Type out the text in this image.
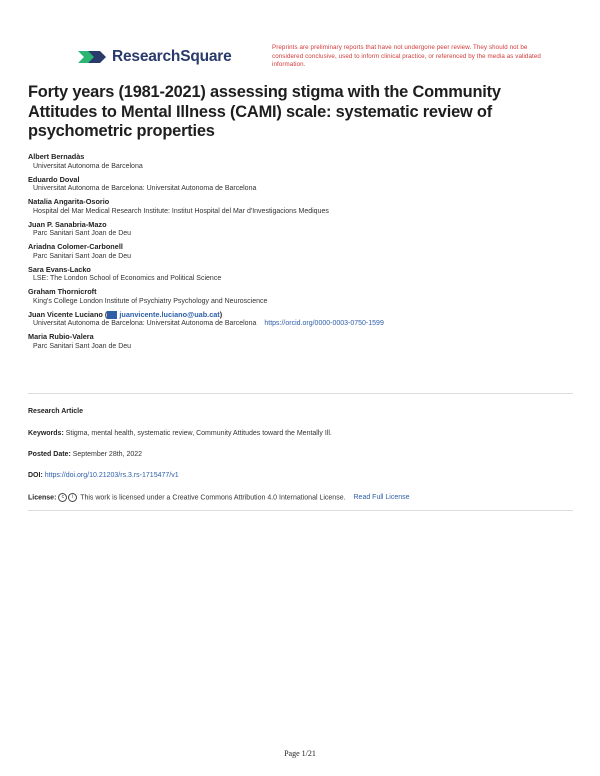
ResearchSquare
Preprints are preliminary reports that have not undergone peer review. They should not be considered conclusive, used to inform clinical practice, or referenced by the media as validated information.
Forty years (1981-2021) assessing stigma with the Community Attitudes to Mental Illness (CAMI) scale: systematic review of psychometric properties
Albert Bernadàs
Universitat Autonoma de Barcelona
Eduardo Doval
Universitat Autonoma de Barcelona: Universitat Autonoma de Barcelona
Natalia Angarita-Osorio
Hospital del Mar Medical Research Institute: Institut Hospital del Mar d'Investigacions Mediques
Juan P. Sanabria-Mazo
Parc Sanitari Sant Joan de Deu
Ariadna Colomer-Carbonell
Parc Sanitari Sant Joan de Deu
Sara Evans-Lacko
LSE: The London School of Economics and Political Science
Graham Thornicroft
King's College London Institute of Psychiatry Psychology and Neuroscience
Juan Vicente Luciano ( juanvicente.luciano@uab.cat)
Universitat Autonoma de Barcelona: Universitat Autonoma de Barcelona https://orcid.org/0000-0003-0750-1599
Maria Rubio-Valera
Parc Sanitari Sant Joan de Deu
Research Article
Keywords: Stigma, mental health, systematic review, Community Attitudes toward the Mentally Ill.
Posted Date: September 28th, 2022
DOI: https://doi.org/10.21203/rs.3.rs-1715477/v1
License: c i This work is licensed under a Creative Commons Attribution 4.0 International License. Read Full License
Page 1/21
